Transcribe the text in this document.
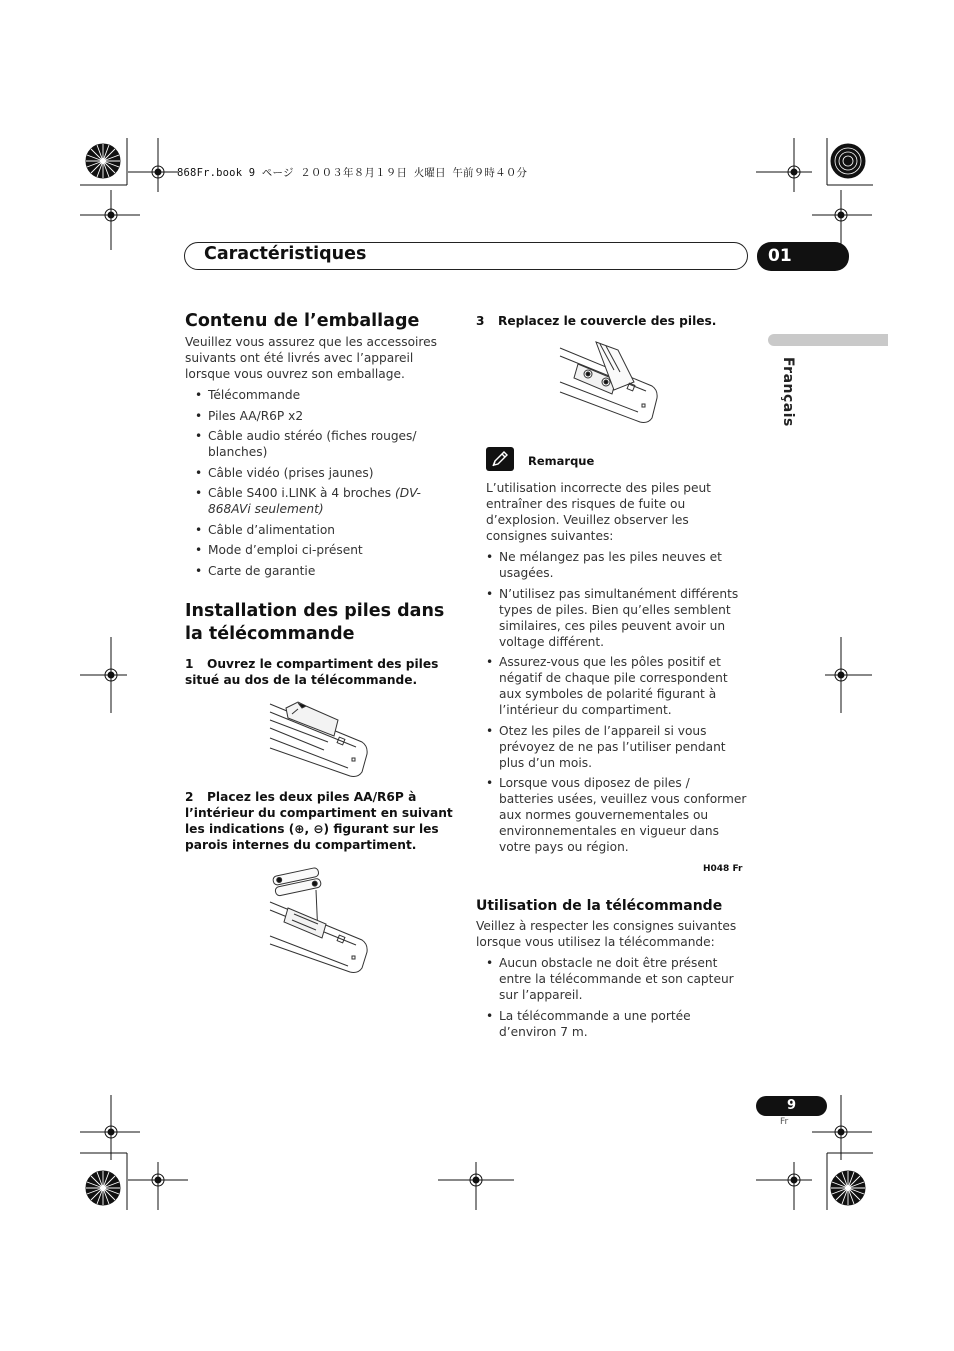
868Fr.book 9 ページ ２００３年８月１９日 火曜日 午前９時４０分
Caractéristiques	01
Français
Contenu de l’emballage

Veuillez vous assurez que les accessoires suivants ont été livrés avec l’appareil lorsque vous ouvrez son emballage.

• Télécommande
• Piles AA/R6P x2
• Câble audio stéréo (fiches rouges/ blanches)
• Câble vidéo (prises jaunes)
• Câble S400 i.LINK à 4 broches (DV-868AVi seulement)
• Câble d’alimentation
• Mode d’emploi ci-présent
• Carte de garantie
Installation des piles dans la télécommande

1 Ouvrez le compartiment des piles situé au dos de la télécommande.

2 Placez les deux piles AA/R6P à l’intérieur du compartiment en suivant les indications (⊕, ⊖) figurant sur les parois internes du compartiment.

3 Replacez le couvercle des piles.

Remarque

L’utilisation incorrecte des piles peut entraîner des risques de fuite ou d’explosion. Veuillez observer les consignes suivantes:

• Ne mélangez pas les piles neuves et usagées.
• N’utilisez pas simultanément différents types de piles. Bien qu’elles semblent similaires, ces piles peuvent avoir un voltage différent.
• Assurez-vous que les pôles positif et négatif de chaque pile correspondent aux symboles de polarité figurant à l’intérieur du compartiment.
• Otez les piles de l’appareil si vous prévoyez de ne pas l’utiliser pendant plus d’un mois.
• Lorsque vous diposez de piles / batteries usées, veuillez vous conformer aux normes gouvernementales ou environnementales en vigueur dans votre pays ou région.
H048 Fr
Utilisation de la télécommande

Veillez à respecter les consignes suivantes lorsque vous utilisez la télécommande:

• Aucun obstacle ne doit être présent entre la télécommande et son capteur sur l’appareil.
• La télécommande a une portée d’environ 7 m.
9
Fr
